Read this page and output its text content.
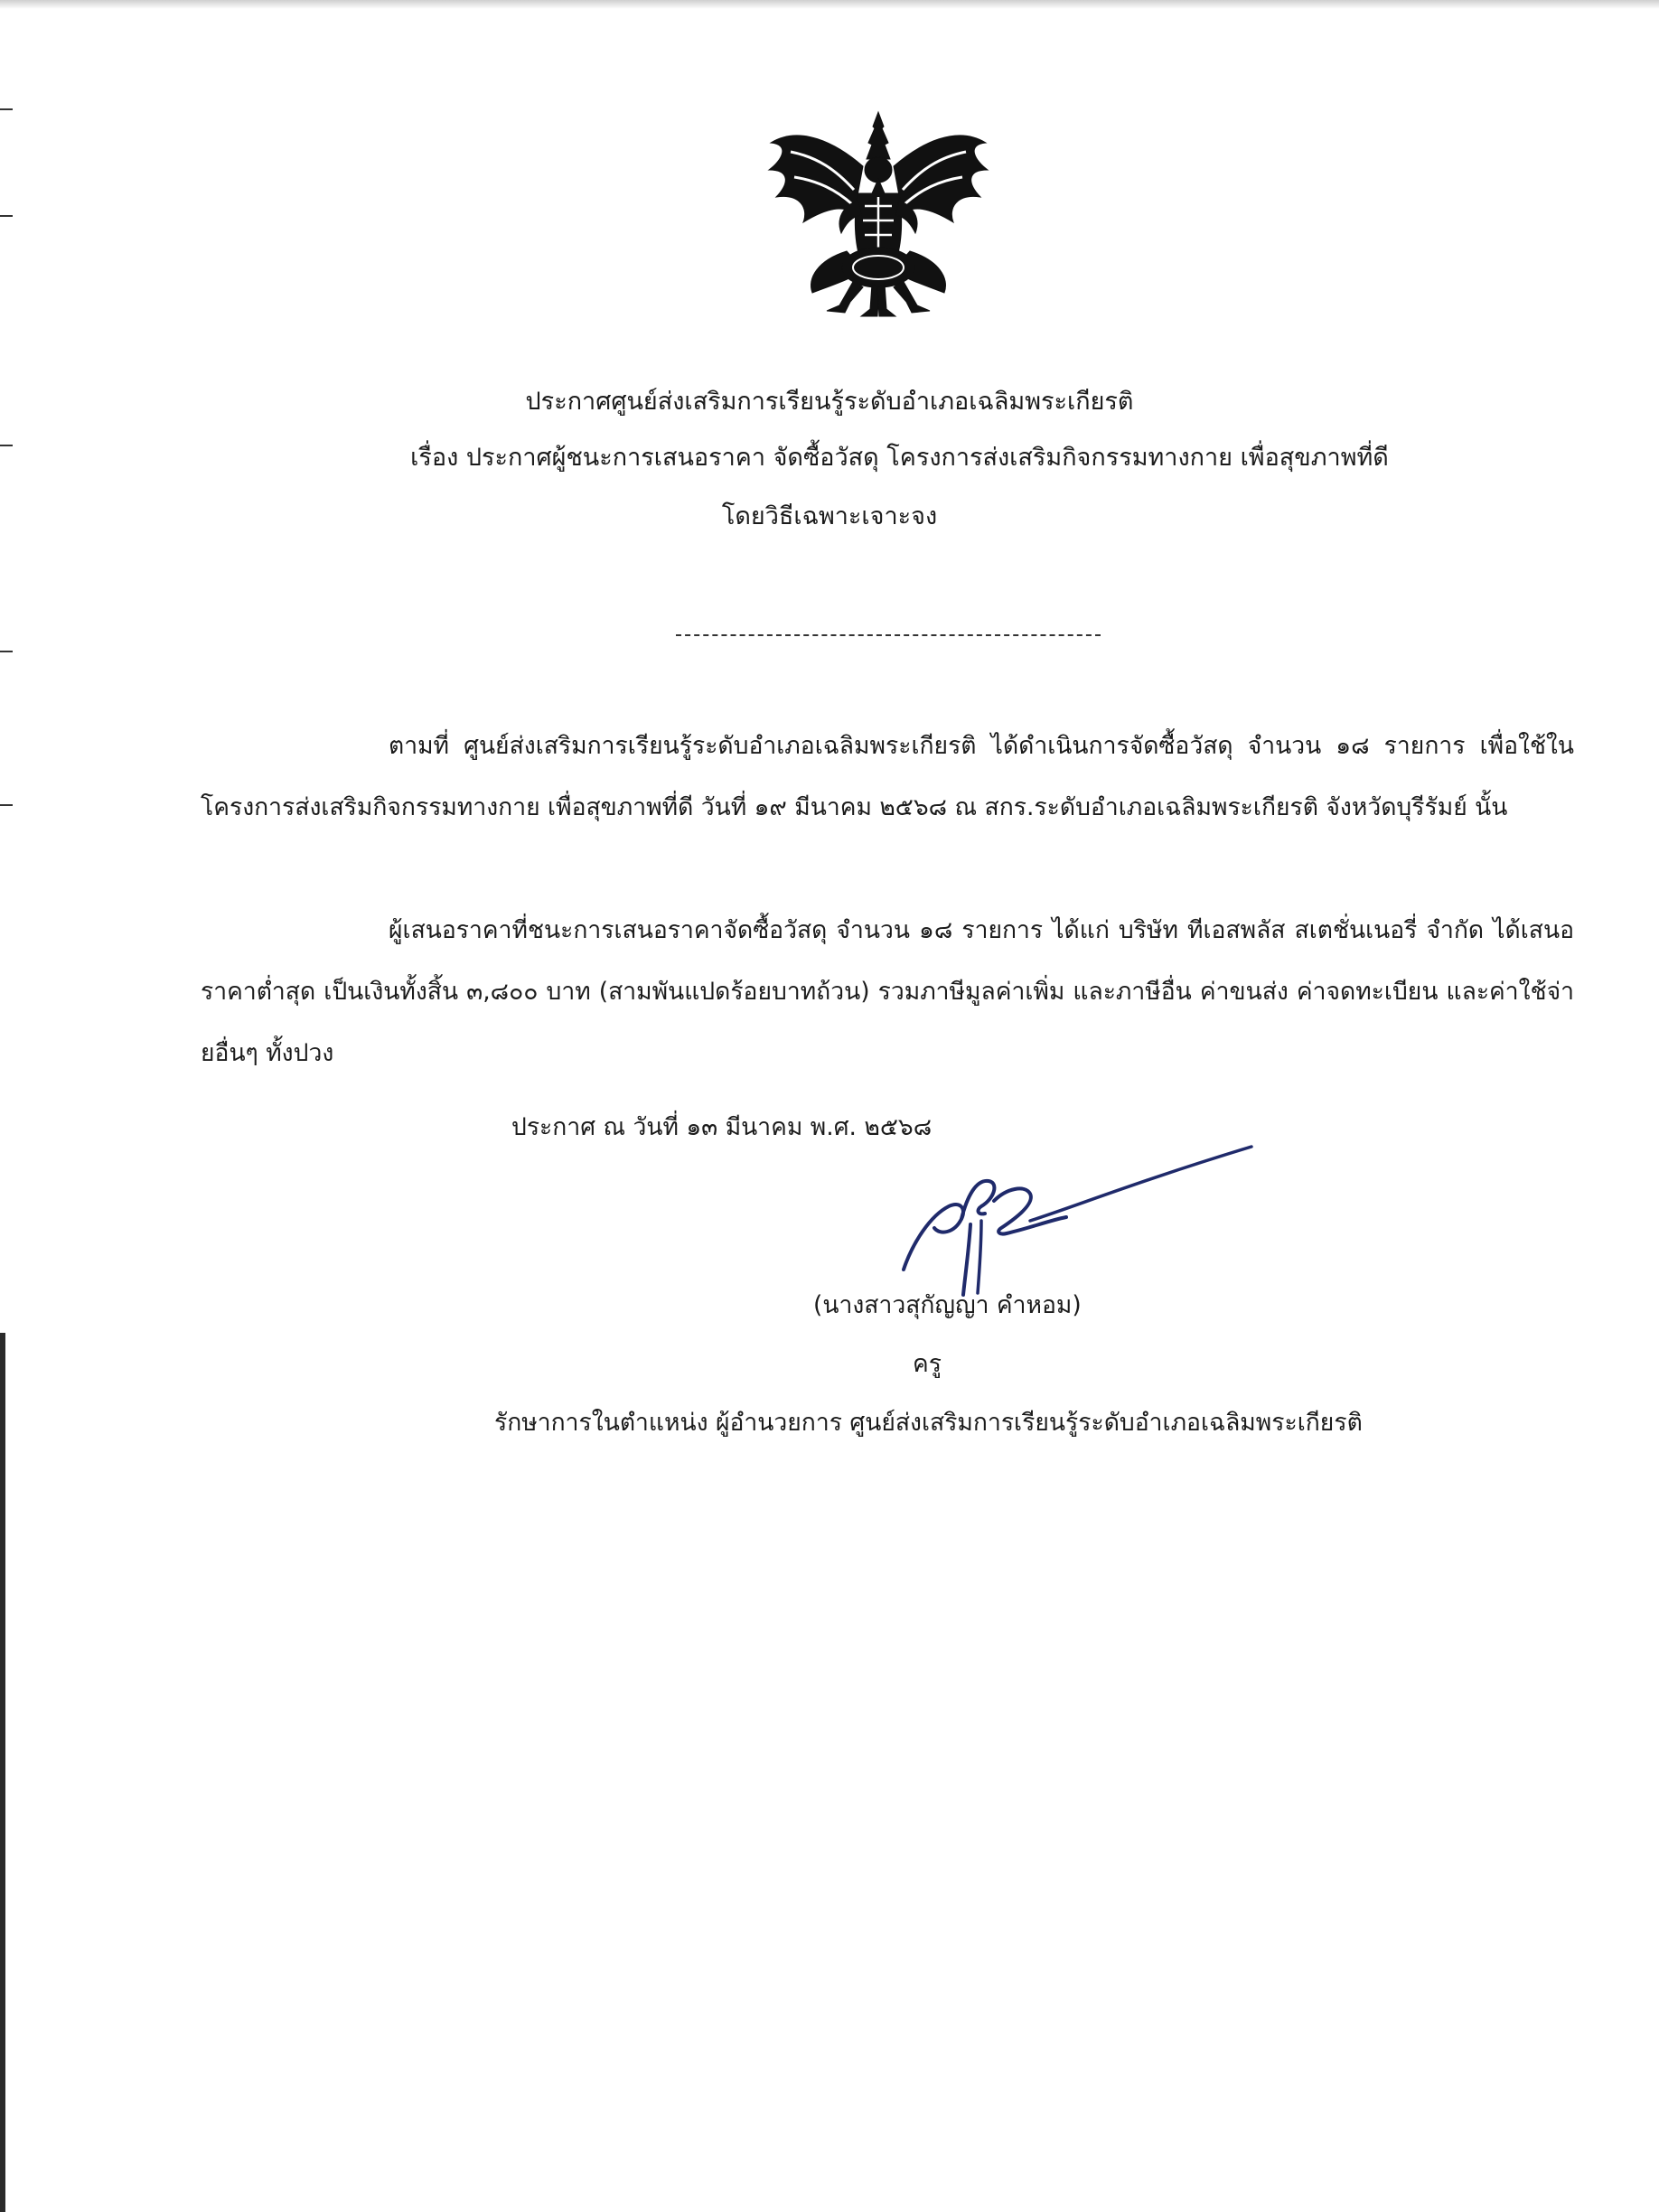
ประกาศศูนย์ส่งเสริมการเรียนรู้ระดับอำเภอเฉลิมพระเกียรติ
เรื่อง ประกาศผู้ชนะการเสนอราคา จัดซื้อวัสดุ โครงการส่งเสริมกิจกรรมทางกาย เพื่อสุขภาพที่ดี
โดยวิธีเฉพาะเจาะจง

ตามที่ ศูนย์ส่งเสริมการเรียนรู้ระดับอำเภอเฉลิมพระเกียรติ ได้ดำเนินการจัดซื้อวัสดุ จำนวน ๑๘ รายการ เพื่อใช้ในโครงการส่งเสริมกิจกรรมทางกาย เพื่อสุขภาพที่ดี วันที่ ๑๙ มีนาคม ๒๕๖๘ ณ สกร.ระดับอำเภอเฉลิมพระเกียรติ จังหวัดบุรีรัมย์ นั้น

ผู้เสนอราคาที่ชนะการเสนอราคาจัดซื้อวัสดุ จำนวน ๑๘ รายการ ได้แก่ บริษัท ทีเอสพลัส สเตชั่นเนอรี่ จำกัด ได้เสนอราคาต่ำสุด เป็นเงินทั้งสิ้น ๓,๘๐๐ บาท (สามพันแปดร้อยบาทถ้วน) รวมภาษีมูลค่าเพิ่ม และภาษีอื่น ค่าขนส่ง ค่าจดทะเบียน และค่าใช้จ่ายอื่นๆ ทั้งปวง

ประกาศ ณ วันที่ ๑๓ มีนาคม พ.ศ. ๒๕๖๘
(นางสาวสุกัญญา คำหอม)
ครู
รักษาการในตำแหน่ง ผู้อำนวยการ ศูนย์ส่งเสริมการเรียนรู้ระดับอำเภอเฉลิมพระเกียรติ
